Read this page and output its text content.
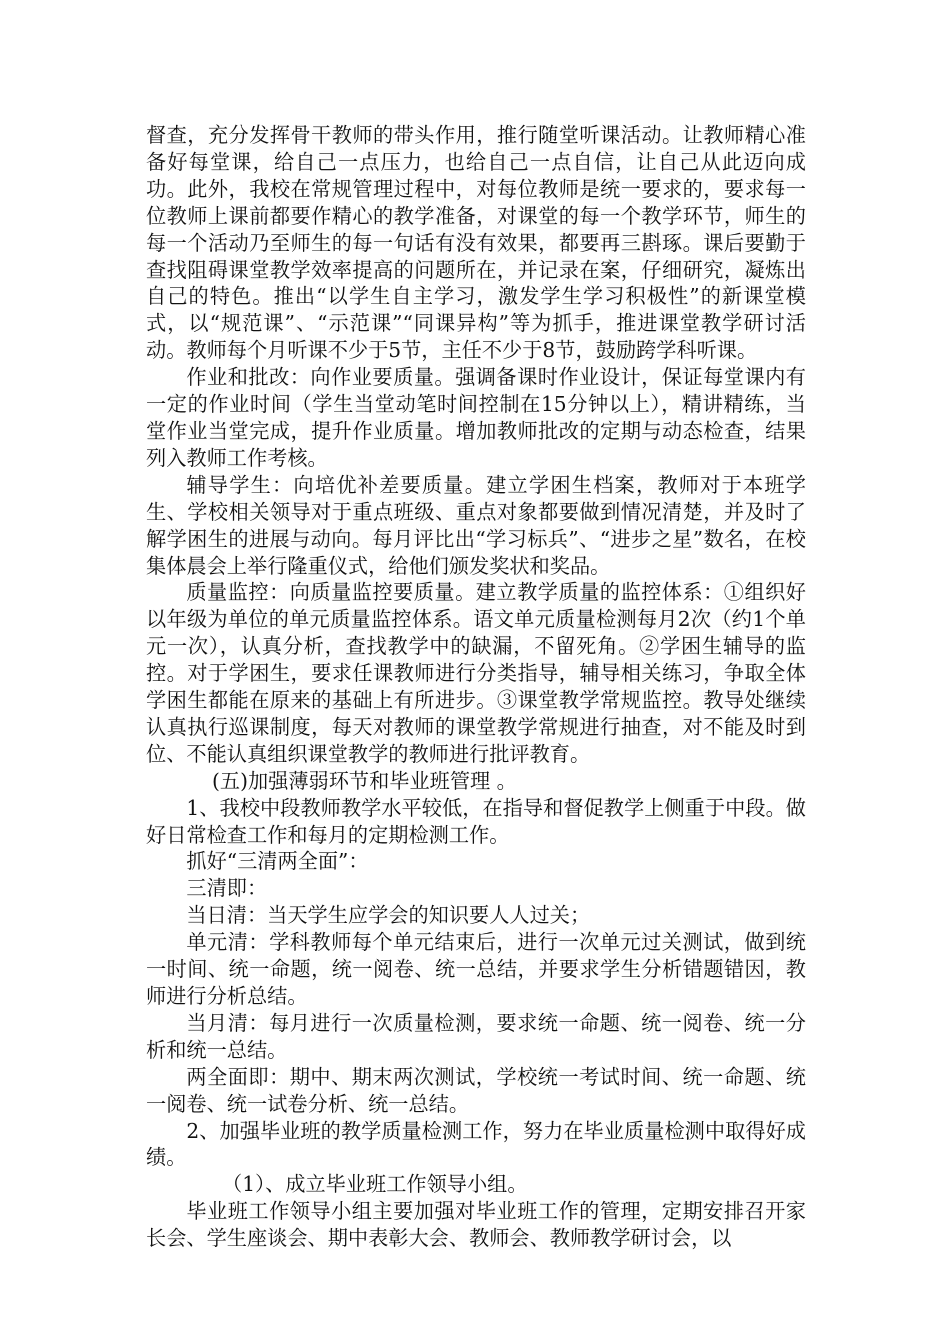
督查，充分发挥骨干教师的带头作用，推行随堂听课活动。让教师精心准备好每堂课，给自己一点压力，也给自己一点自信，让自己从此迈向成功。此外，我校在常规管理过程中，对每位教师是统一要求的，要求每一位教师上课前都要作精心的教学准备，对课堂的每一个教学环节，师生的每一个活动乃至师生的每一句话有没有效果，都要再三斟琢。课后要勤于查找阻碍课堂教学效率提高的问题所在，并记录在案，仔细研究，凝炼出自己的特色。推出“以学生自主学习，激发学生学习积极性”的新课堂模式，以“规范课”、“示范课”“同课异构”等为抓手，推进课堂教学研讨活动。教师每个月听课不少于5节，主任不少于8节，鼓励跨学科听课。

作业和批改：向作业要质量。强调备课时作业设计，保证每堂课内有一定的作业时间（学生当堂动笔时间控制在15分钟以上），精讲精练，当堂作业当堂完成，提升作业质量。增加教师批改的定期与动态检查，结果列入教师工作考核。

辅导学生：向培优补差要质量。建立学困生档案，教师对于本班学生、学校相关领导对于重点班级、重点对象都要做到情况清楚，并及时了解学困生的进展与动向。每月评比出“学习标兵”、“进步之星”数名，在校集体晨会上举行隆重仪式，给他们颁发奖状和奖品。

质量监控：向质量监控要质量。建立教学质量的监控体系：①组织好以年级为单位的单元质量监控体系。语文单元质量检测每月2次（约1个单元一次），认真分析，查找教学中的缺漏，不留死角。②学困生辅导的监控。对于学困生，要求任课教师进行分类指导，辅导相关练习，争取全体学困生都能在原来的基础上有所进步。③课堂教学常规监控。教导处继续认真执行巡课制度，每天对教师的课堂教学常规进行抽查，对不能及时到位、不能认真组织课堂教学的教师进行批评教育。

(五)加强薄弱环节和毕业班管理 。

1、我校中段教师教学水平较低，在指导和督促教学上侧重于中段。做好日常检查工作和每月的定期检测工作。

抓好“三清两全面”：

三清即：

当日清：当天学生应学会的知识要人人过关；

单元清：学科教师每个单元结束后，进行一次单元过关测试，做到统一时间、统一命题，统一阅卷、统一总结，并要求学生分析错题错因，教师进行分析总结。

当月清：每月进行一次质量检测，要求统一命题、统一阅卷、统一分析和统一总结。

两全面即：期中、期末两次测试，学校统一考试时间、统一命题、统一阅卷、统一试卷分析、统一总结。

2、加强毕业班的教学质量检测工作，努力在毕业质量检测中取得好成绩。

（1）、成立毕业班工作领导小组。

毕业班工作领导小组主要加强对毕业班工作的管理，定期安排召开家长会、学生座谈会、期中表彰大会、教师会、教师教学研讨会，以
